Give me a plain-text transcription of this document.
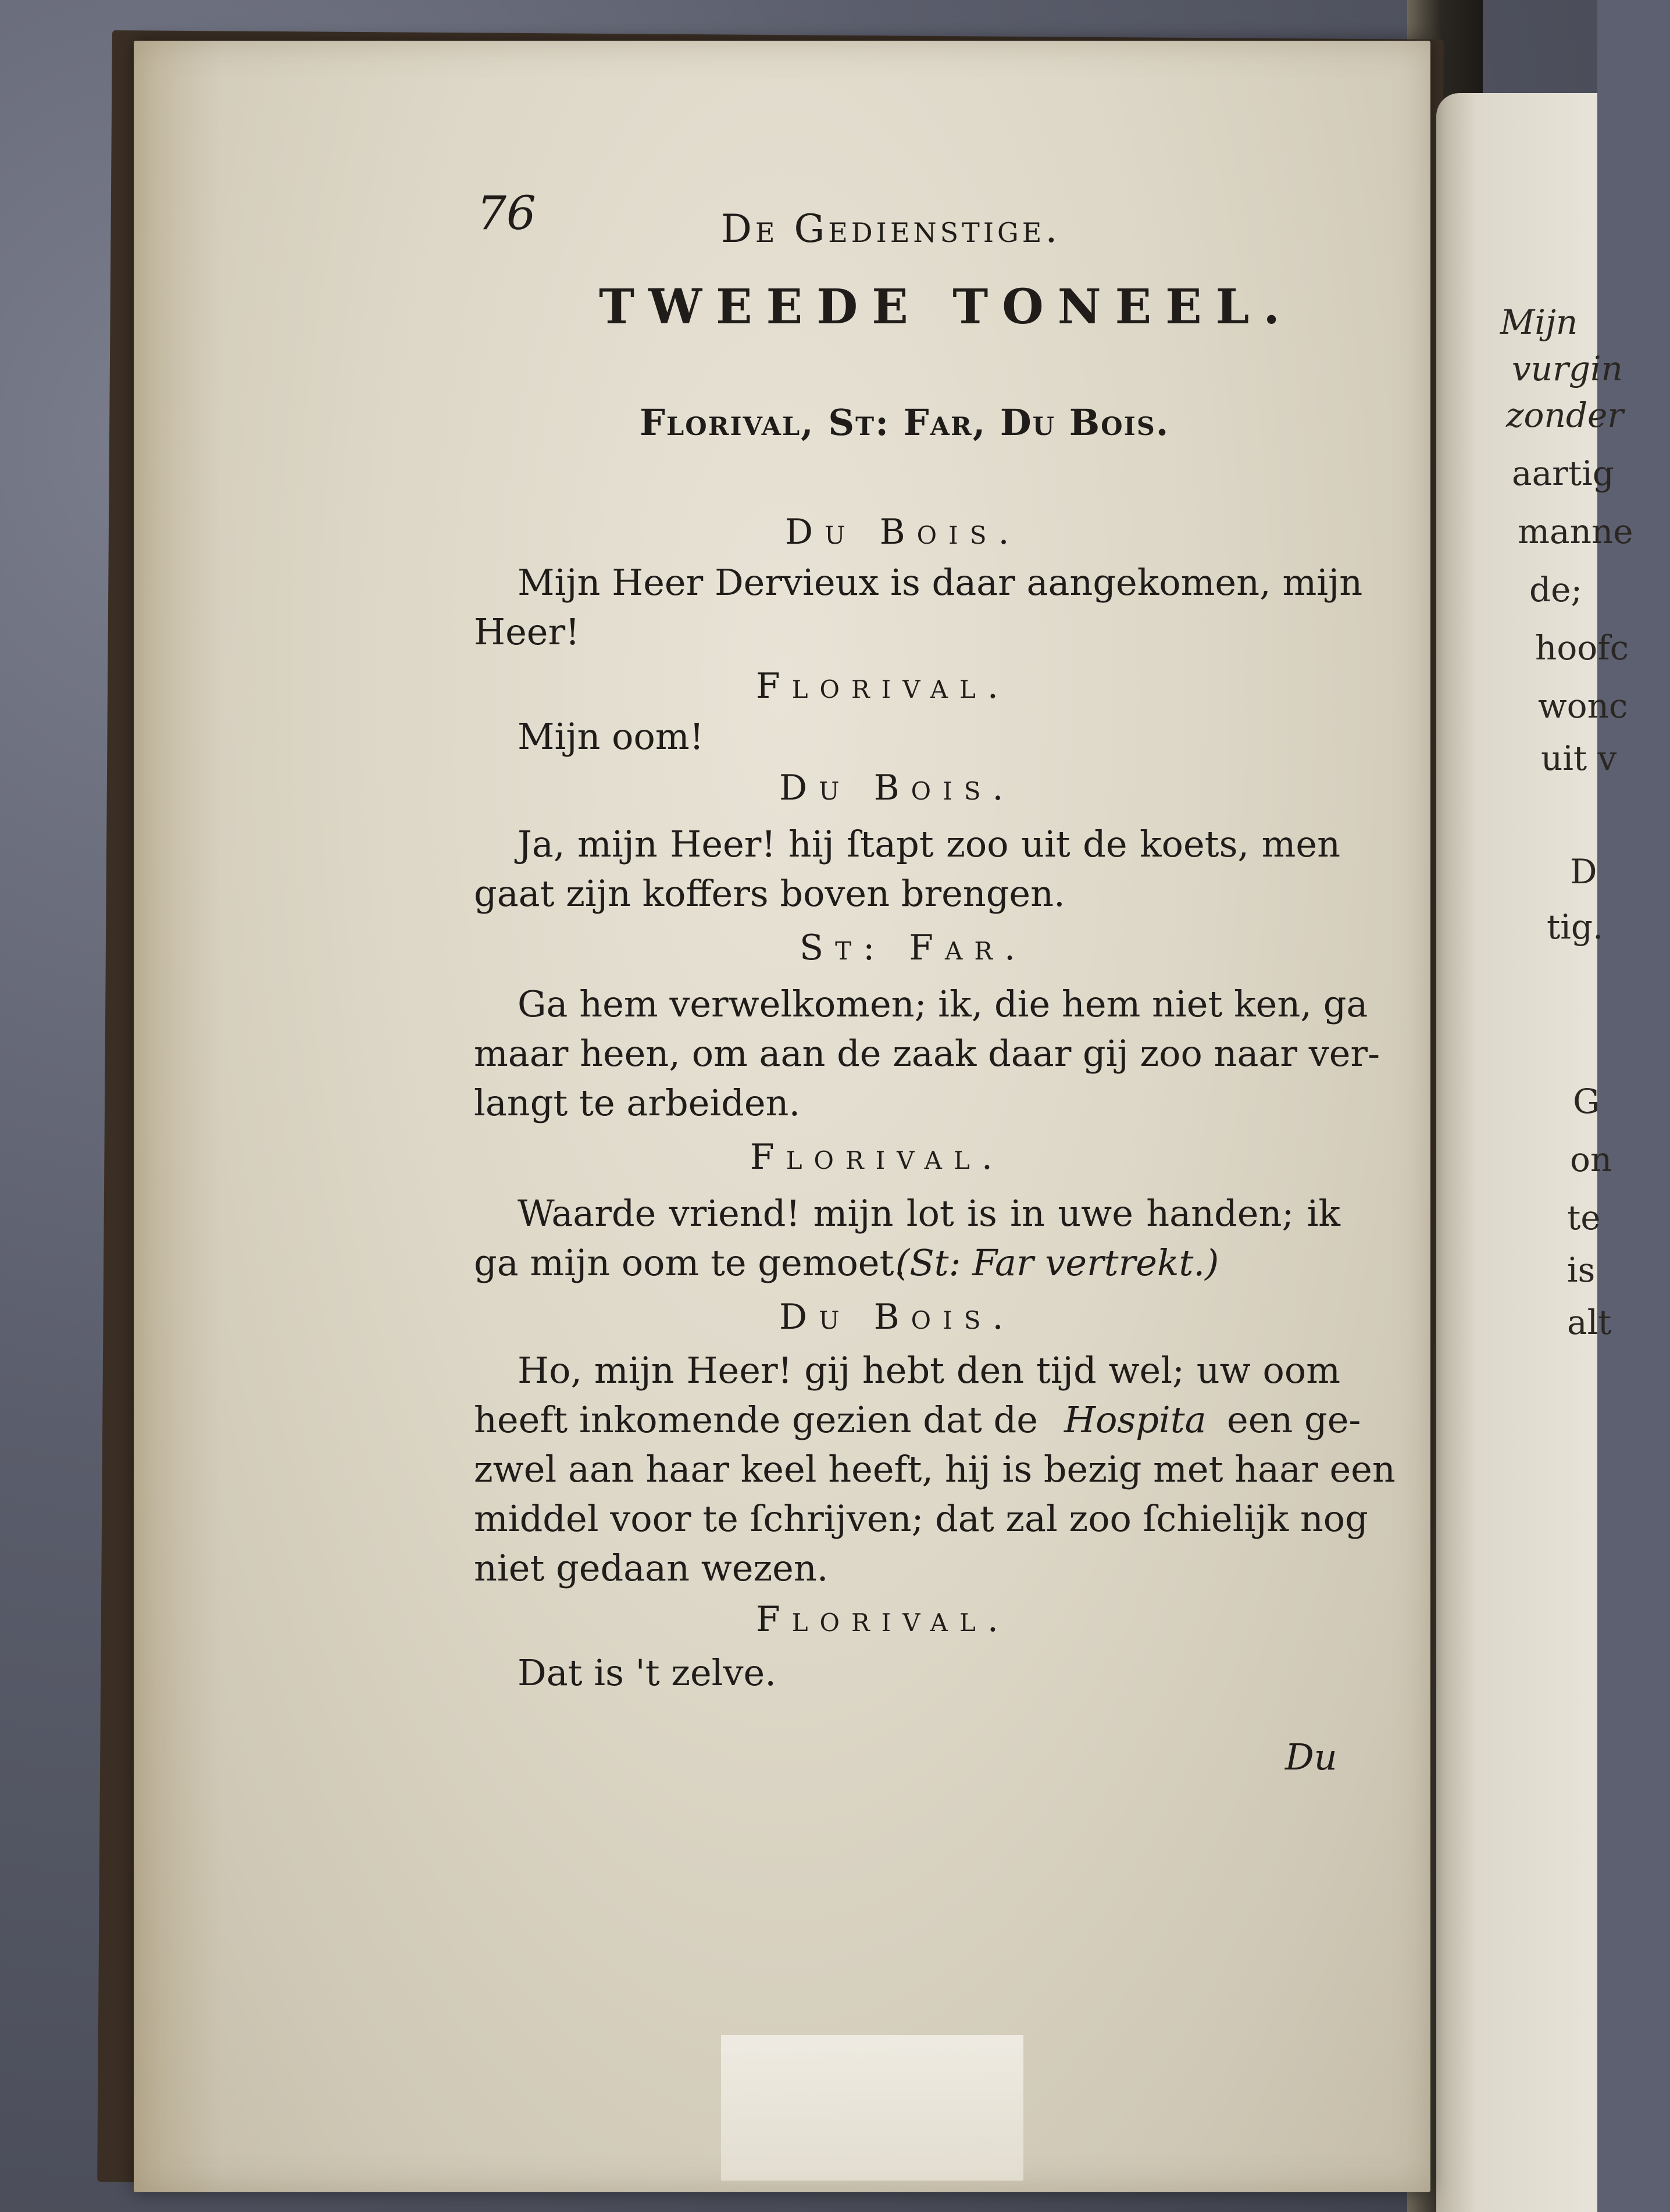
Mijn
vurgin
zonder
aartig
manne
de;
hoofc
wonc
uit v
D
tig.
G
on
te
is
alt
76	De Gedienstige.
TWEEDE TONEEL.
Florival, St: Far, Du Bois.
Du Bois.
Mijn Heer Dervieux is daar aangekomen, mijn
Heer!
Florival.
Mijn oom!
Du Bois.
Ja, mijn Heer! hij ſtapt zoo uit de koets, men
gaat zijn koffers boven brengen.
St: Far.
Ga hem verwelkomen; ik, die hem niet ken, ga
maar heen, om aan de zaak daar gij zoo naar ver-
langt te arbeiden.
Florival.
Waarde vriend! mijn lot is in uwe handen; ik
ga mijn oom te gemoet.
(St: Far vertrekt.)
Du Bois.
Ho, mijn Heer! gij hebt den tijd wel; uw oom
heeft inkomende gezien dat de Hospita een ge-
zwel aan haar keel heeft, hij is bezig met haar een
middel voor te ſchrijven; dat zal zoo ſchielijk nog
niet gedaan wezen.
Florival.
Dat is 't zelve.
Du
